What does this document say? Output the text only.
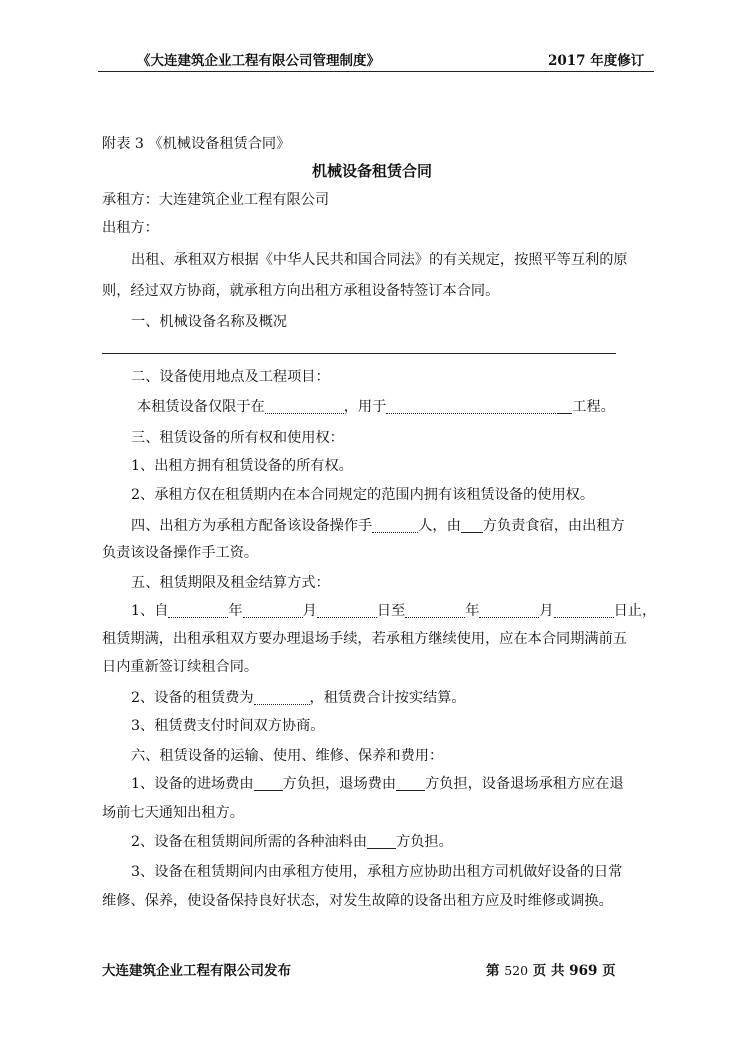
《大连建筑企业工程有限公司管理制度》	2017 年度修订
附表 3 《机械设备租赁合同》
机械设备租赁合同
承租方：大连建筑企业工程有限公司
出租方：
出租、承租双方根据《中华人民共和国合同法》的有关规定，按照平等互利的原
则，经过双方协商，就承租方向出租方承租设备特签订本合同。
一、机械设备名称及概况
二、设备使用地点及工程项目：
本租赁设备仅限于在	，用于	工程。
三、租赁设备的所有权和使用权：
1、出租方拥有租赁设备的所有权。
2、承租方仅在租赁期内在本合同规定的范围内拥有该租赁设备的使用权。
四、出租方为承租方配备该设备操作手	人，由 方负责食宿，由出租方
负责该设备操作手工资。
五、租赁期限及租金结算方式：
1、自	年	月	日至	年	月	日止，
租赁期满，出租承租双方要办理退场手续，若承租方继续使用，应在本合同期满前五
日内重新签订续租合同。
2、设备的租赁费为	，租赁费合计按实结算。
3、租赁费支付时间双方协商。
六、租赁设备的运输、使用、维修、保养和费用：
1、设备的进场费由 方负担，退场费由 方负担，设备退场承租方应在退
场前七天通知出租方。
2、设备在租赁期间所需的各种油料由 方负担。
3、设备在租赁期间内由承租方使用，承租方应协助出租方司机做好设备的日常
维修、保养，使设备保持良好状态，对发生故障的设备出租方应及时维修或调换。
大连建筑企业工程有限公司发布	第 520 页 共 969 页
